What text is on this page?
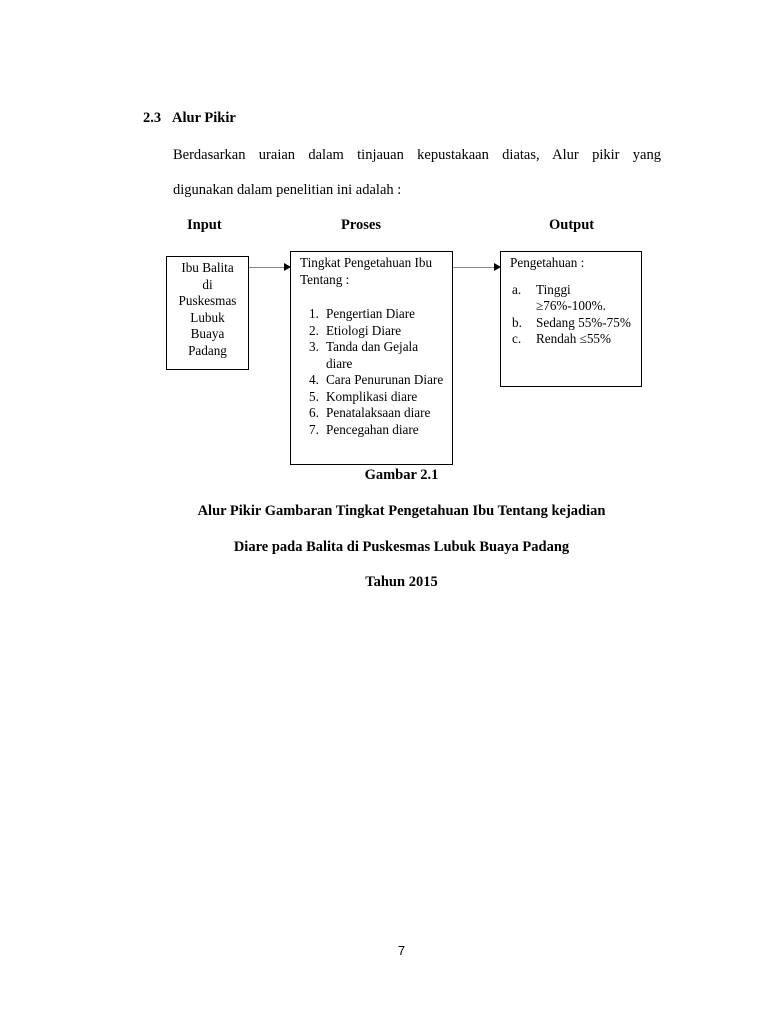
2.3 Alur Pikir
Berdasarkan uraian dalam tinjauan kepustakaan diatas, Alur pikir yang
digunakan dalam penelitian ini adalah :
Input	Proses	Output
Ibu Balita
di
Puskesmas
Lubuk
Buaya
Padang
Tingkat Pengetahuan Ibu Tentang :
1. Pengertian Diare
2. Etiologi Diare
3. Tanda dan Gejala diare
4. Cara Penurunan Diare
5. Komplikasi diare
6. Penatalaksaan diare
7. Pencegahan diare
Pengetahuan :
a. Tinggi ≥76%-100%.
b. Sedang 55%-75%
c. Rendah ≤55%
Gambar 2.1
Alur Pikir Gambaran Tingkat Pengetahuan Ibu Tentang kejadian
Diare pada Balita di Puskesmas Lubuk Buaya Padang
Tahun 2015
7
